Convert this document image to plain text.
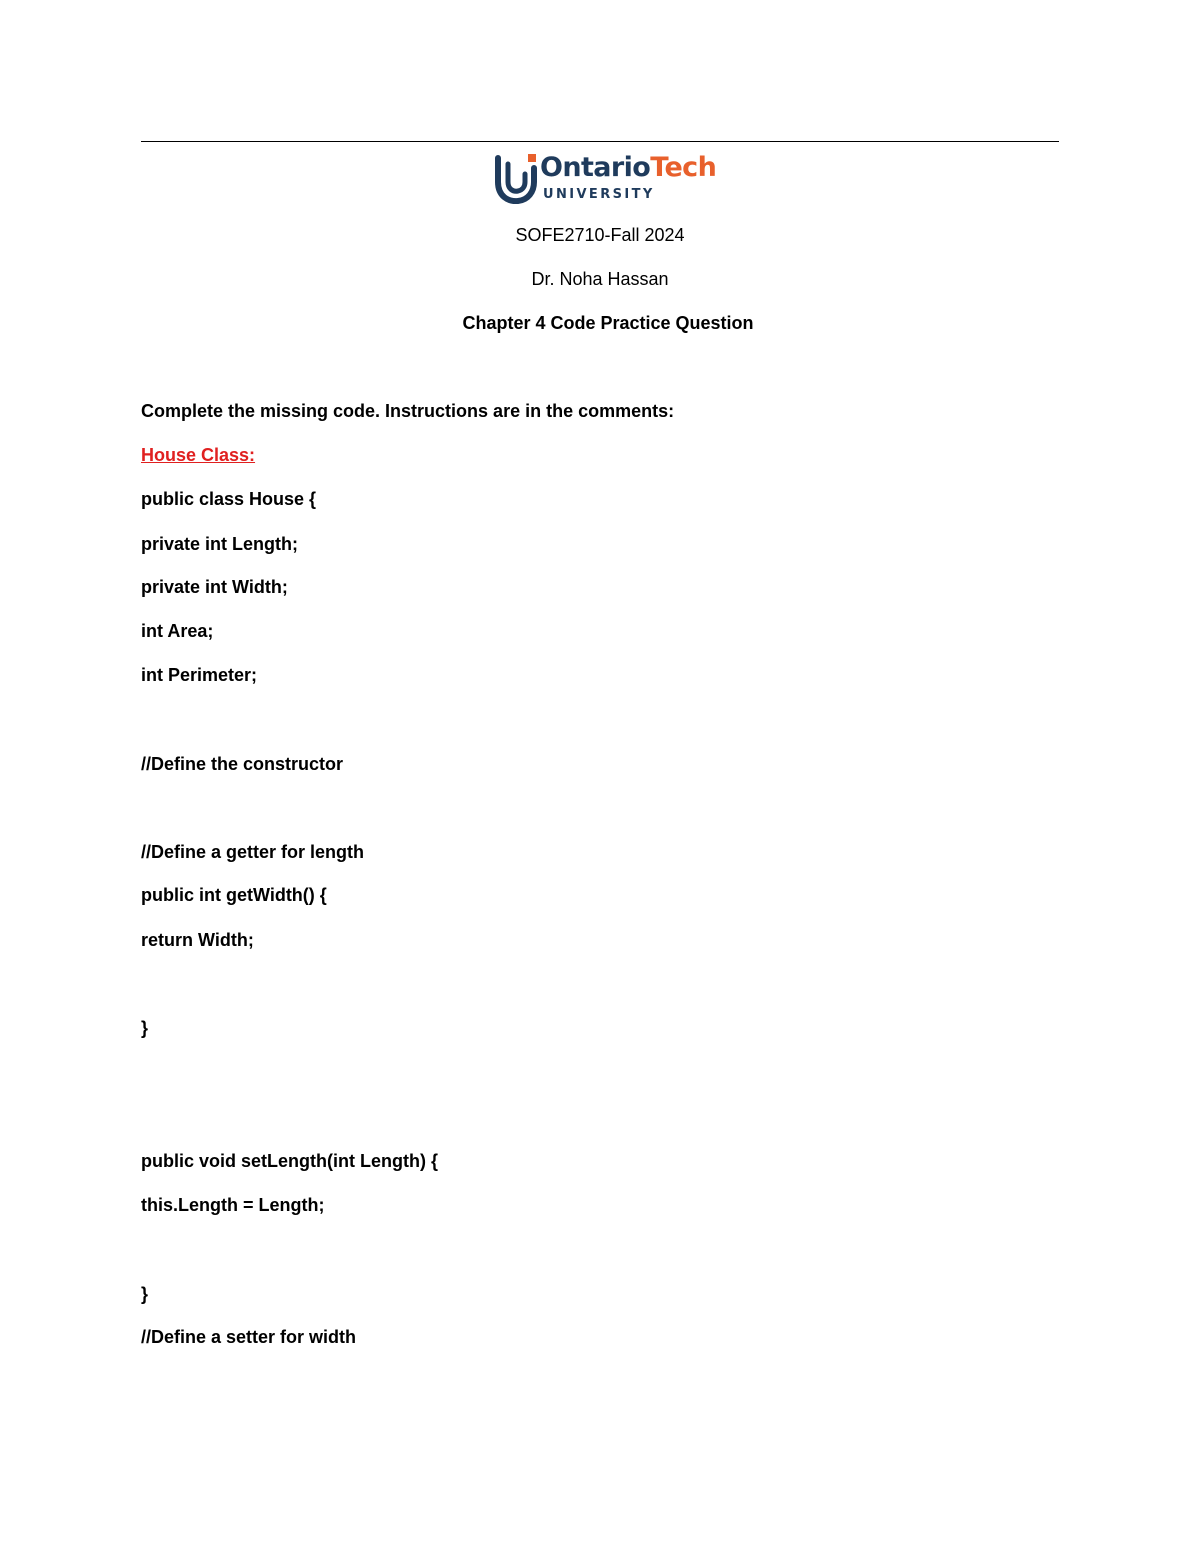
OntarioTech
UNIVERSITY
SOFE2710-Fall 2024
Dr. Noha Hassan
Chapter 4 Code Practice Question
Complete the missing code. Instructions are in the comments:
House Class:
public class House {
private int Length;
private int Width;
int Area;
int Perimeter;
//Define the constructor
//Define a getter for length
public int getWidth() {
return Width;
}
public void setLength(int Length) {
this.Length = Length;
}
//Define a setter for width
